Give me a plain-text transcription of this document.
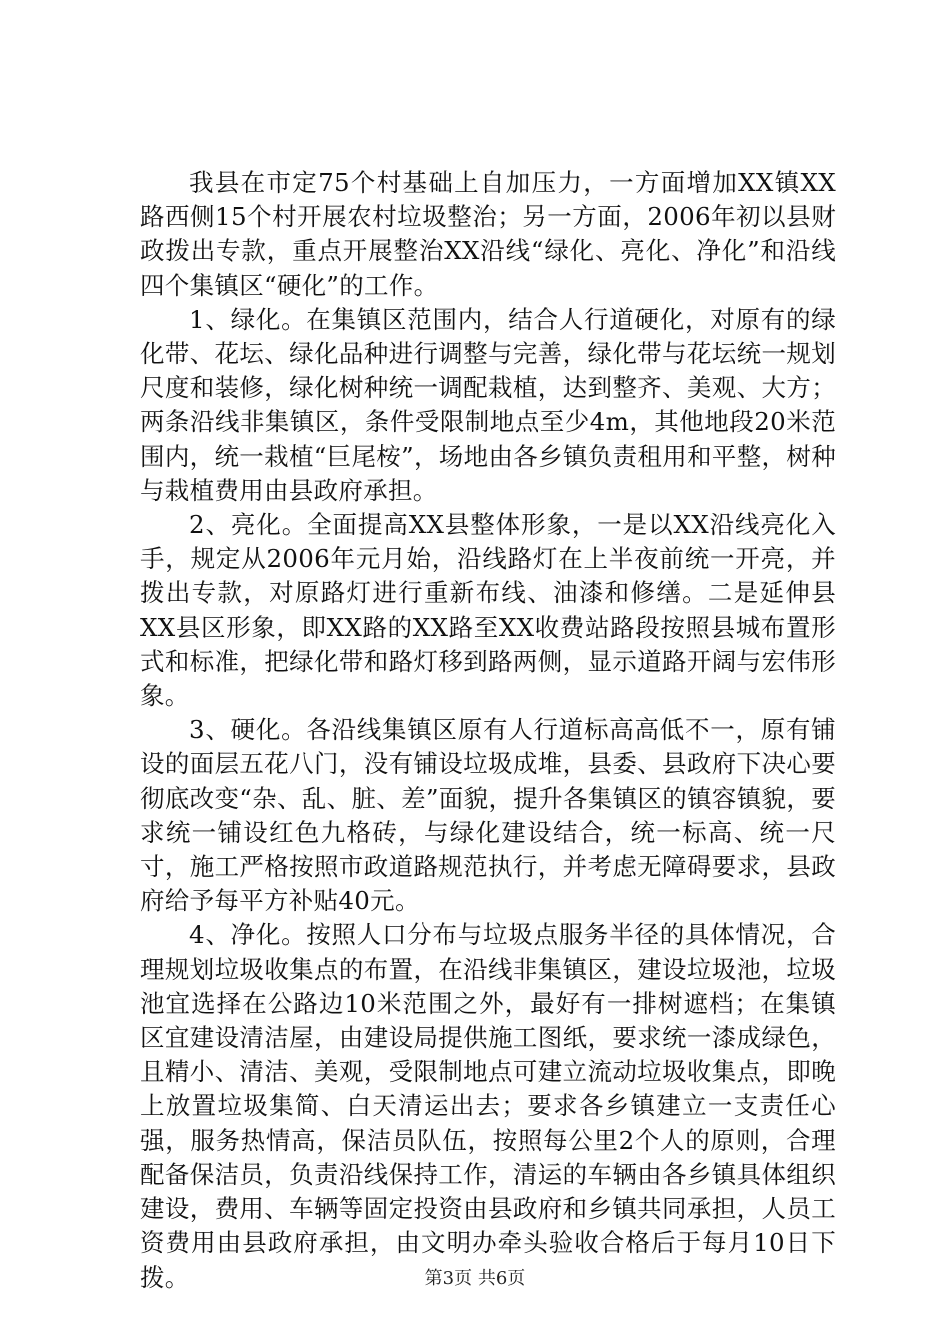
我县在市定75个村基础上自加压力，一方面增加XX镇XX路西侧15个村开展农村垃圾整治；另一方面，2006年初以县财政拨出专款，重点开展整治XX沿线“绿化、亮化、净化”和沿线四个集镇区“硬化”的工作。

1、绿化。在集镇区范围内，结合人行道硬化，对原有的绿化带、花坛、绿化品种进行调整与完善，绿化带与花坛统一规划尺度和装修，绿化树种统一调配栽植，达到整齐、美观、大方；两条沿线非集镇区，条件受限制地点至少4m，其他地段20米范围内，统一栽植“巨尾桉”，场地由各乡镇负责租用和平整，树种与栽植费用由县政府承担。

2、亮化。全面提高XX县整体形象，一是以XX沿线亮化入手，规定从2006年元月始，沿线路灯在上半夜前统一开亮，并拨出专款，对原路灯进行重新布线、油漆和修缮。二是延伸县XX县区形象，即XX路的XX路至XX收费站路段按照县城布置形式和标准，把绿化带和路灯移到路两侧，显示道路开阔与宏伟形象。

3、硬化。各沿线集镇区原有人行道标高高低不一，原有铺设的面层五花八门，没有铺设垃圾成堆，县委、县政府下决心要彻底改变“杂、乱、脏、差”面貌，提升各集镇区的镇容镇貌，要求统一铺设红色九格砖，与绿化建设结合，统一标高、统一尺寸，施工严格按照市政道路规范执行，并考虑无障碍要求，县政府给予每平方补贴40元。

4、净化。按照人口分布与垃圾点服务半径的具体情况，合理规划垃圾收集点的布置，在沿线非集镇区，建设垃圾池，垃圾池宜选择在公路边10米范围之外，最好有一排树遮档；在集镇区宜建设清洁屋，由建设局提供施工图纸，要求统一漆成绿色，且精小、清洁、美观，受限制地点可建立流动垃圾收集点，即晚上放置垃圾集简、白天清运出去；要求各乡镇建立一支责任心强，服务热情高，保洁员队伍，按照每公里2个人的原则，合理配备保洁员，负责沿线保持工作，清运的车辆由各乡镇具体组织建设，费用、车辆等固定投资由县政府和乡镇共同承担，人员工资费用由县政府承担，由文明办牵头验收合格后于每月10日下拨。	第3页 共6页
